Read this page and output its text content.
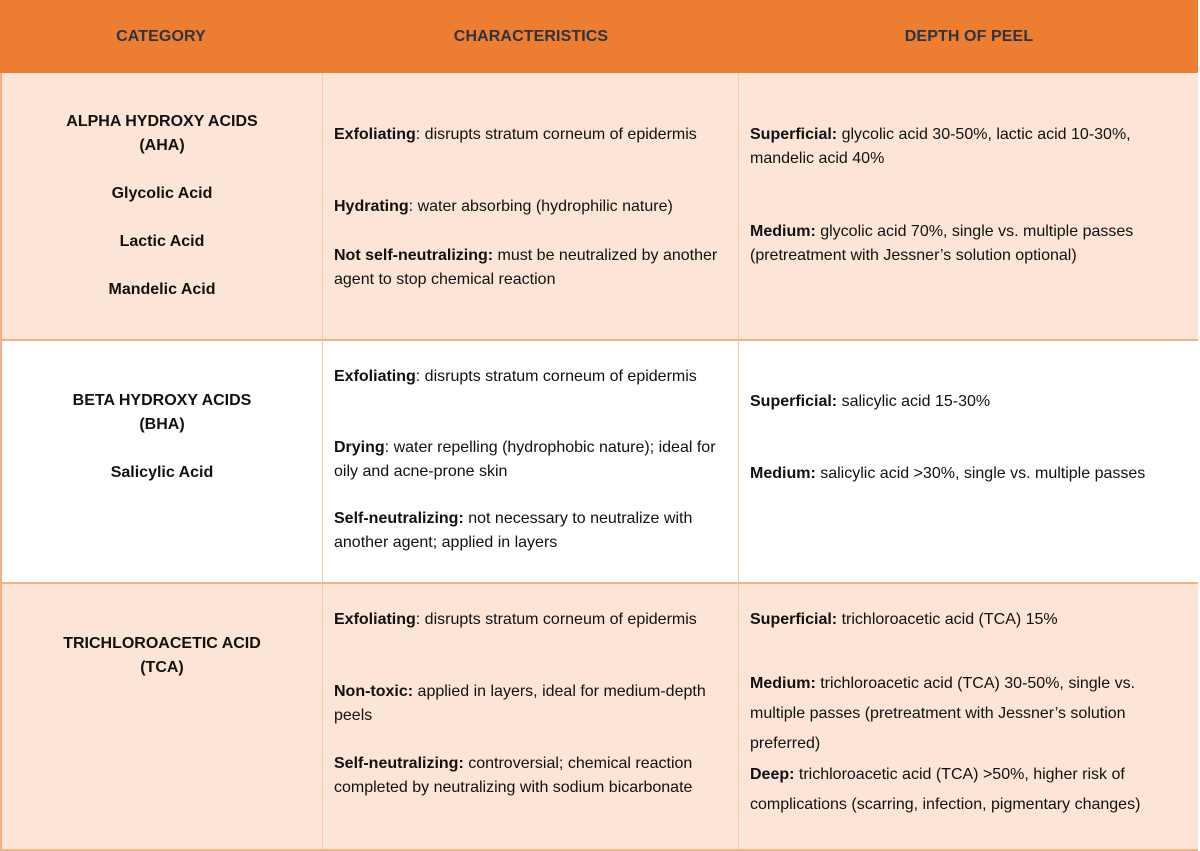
CATEGORY	CHARACTERISTICS	DEPTH OF PEEL
ALPHA HYDROXY ACIDS
(AHA)
Glycolic Acid
Lactic Acid
Mandelic Acid
Exfoliating: disrupts stratum corneum of epidermis
Hydrating: water absorbing (hydrophilic nature)
Not self-neutralizing: must be neutralized by another agent to stop chemical reaction
Superficial: glycolic acid 30-50%, lactic acid 10-30%, mandelic acid 40%
Medium: glycolic acid 70%, single vs. multiple passes (pretreatment with Jessner’s solution optional)
BETA HYDROXY ACIDS
(BHA)
Salicylic Acid
Exfoliating: disrupts stratum corneum of epidermis
Drying: water repelling (hydrophobic nature); ideal for oily and acne-prone skin
Self-neutralizing: not necessary to neutralize with another agent; applied in layers
Superficial: salicylic acid 15-30%
Medium: salicylic acid >30%, single vs. multiple passes
TRICHLOROACETIC ACID
(TCA)
Exfoliating: disrupts stratum corneum of epidermis
Non-toxic: applied in layers, ideal for medium-depth peels
Self-neutralizing: controversial; chemical reaction completed by neutralizing with sodium bicarbonate
Superficial: trichloroacetic acid (TCA) 15%
Medium: trichloroacetic acid (TCA) 30-50%, single vs. multiple passes (pretreatment with Jessner’s solution preferred)
Deep: trichloroacetic acid (TCA) >50%, higher risk of complications (scarring, infection, pigmentary changes)
